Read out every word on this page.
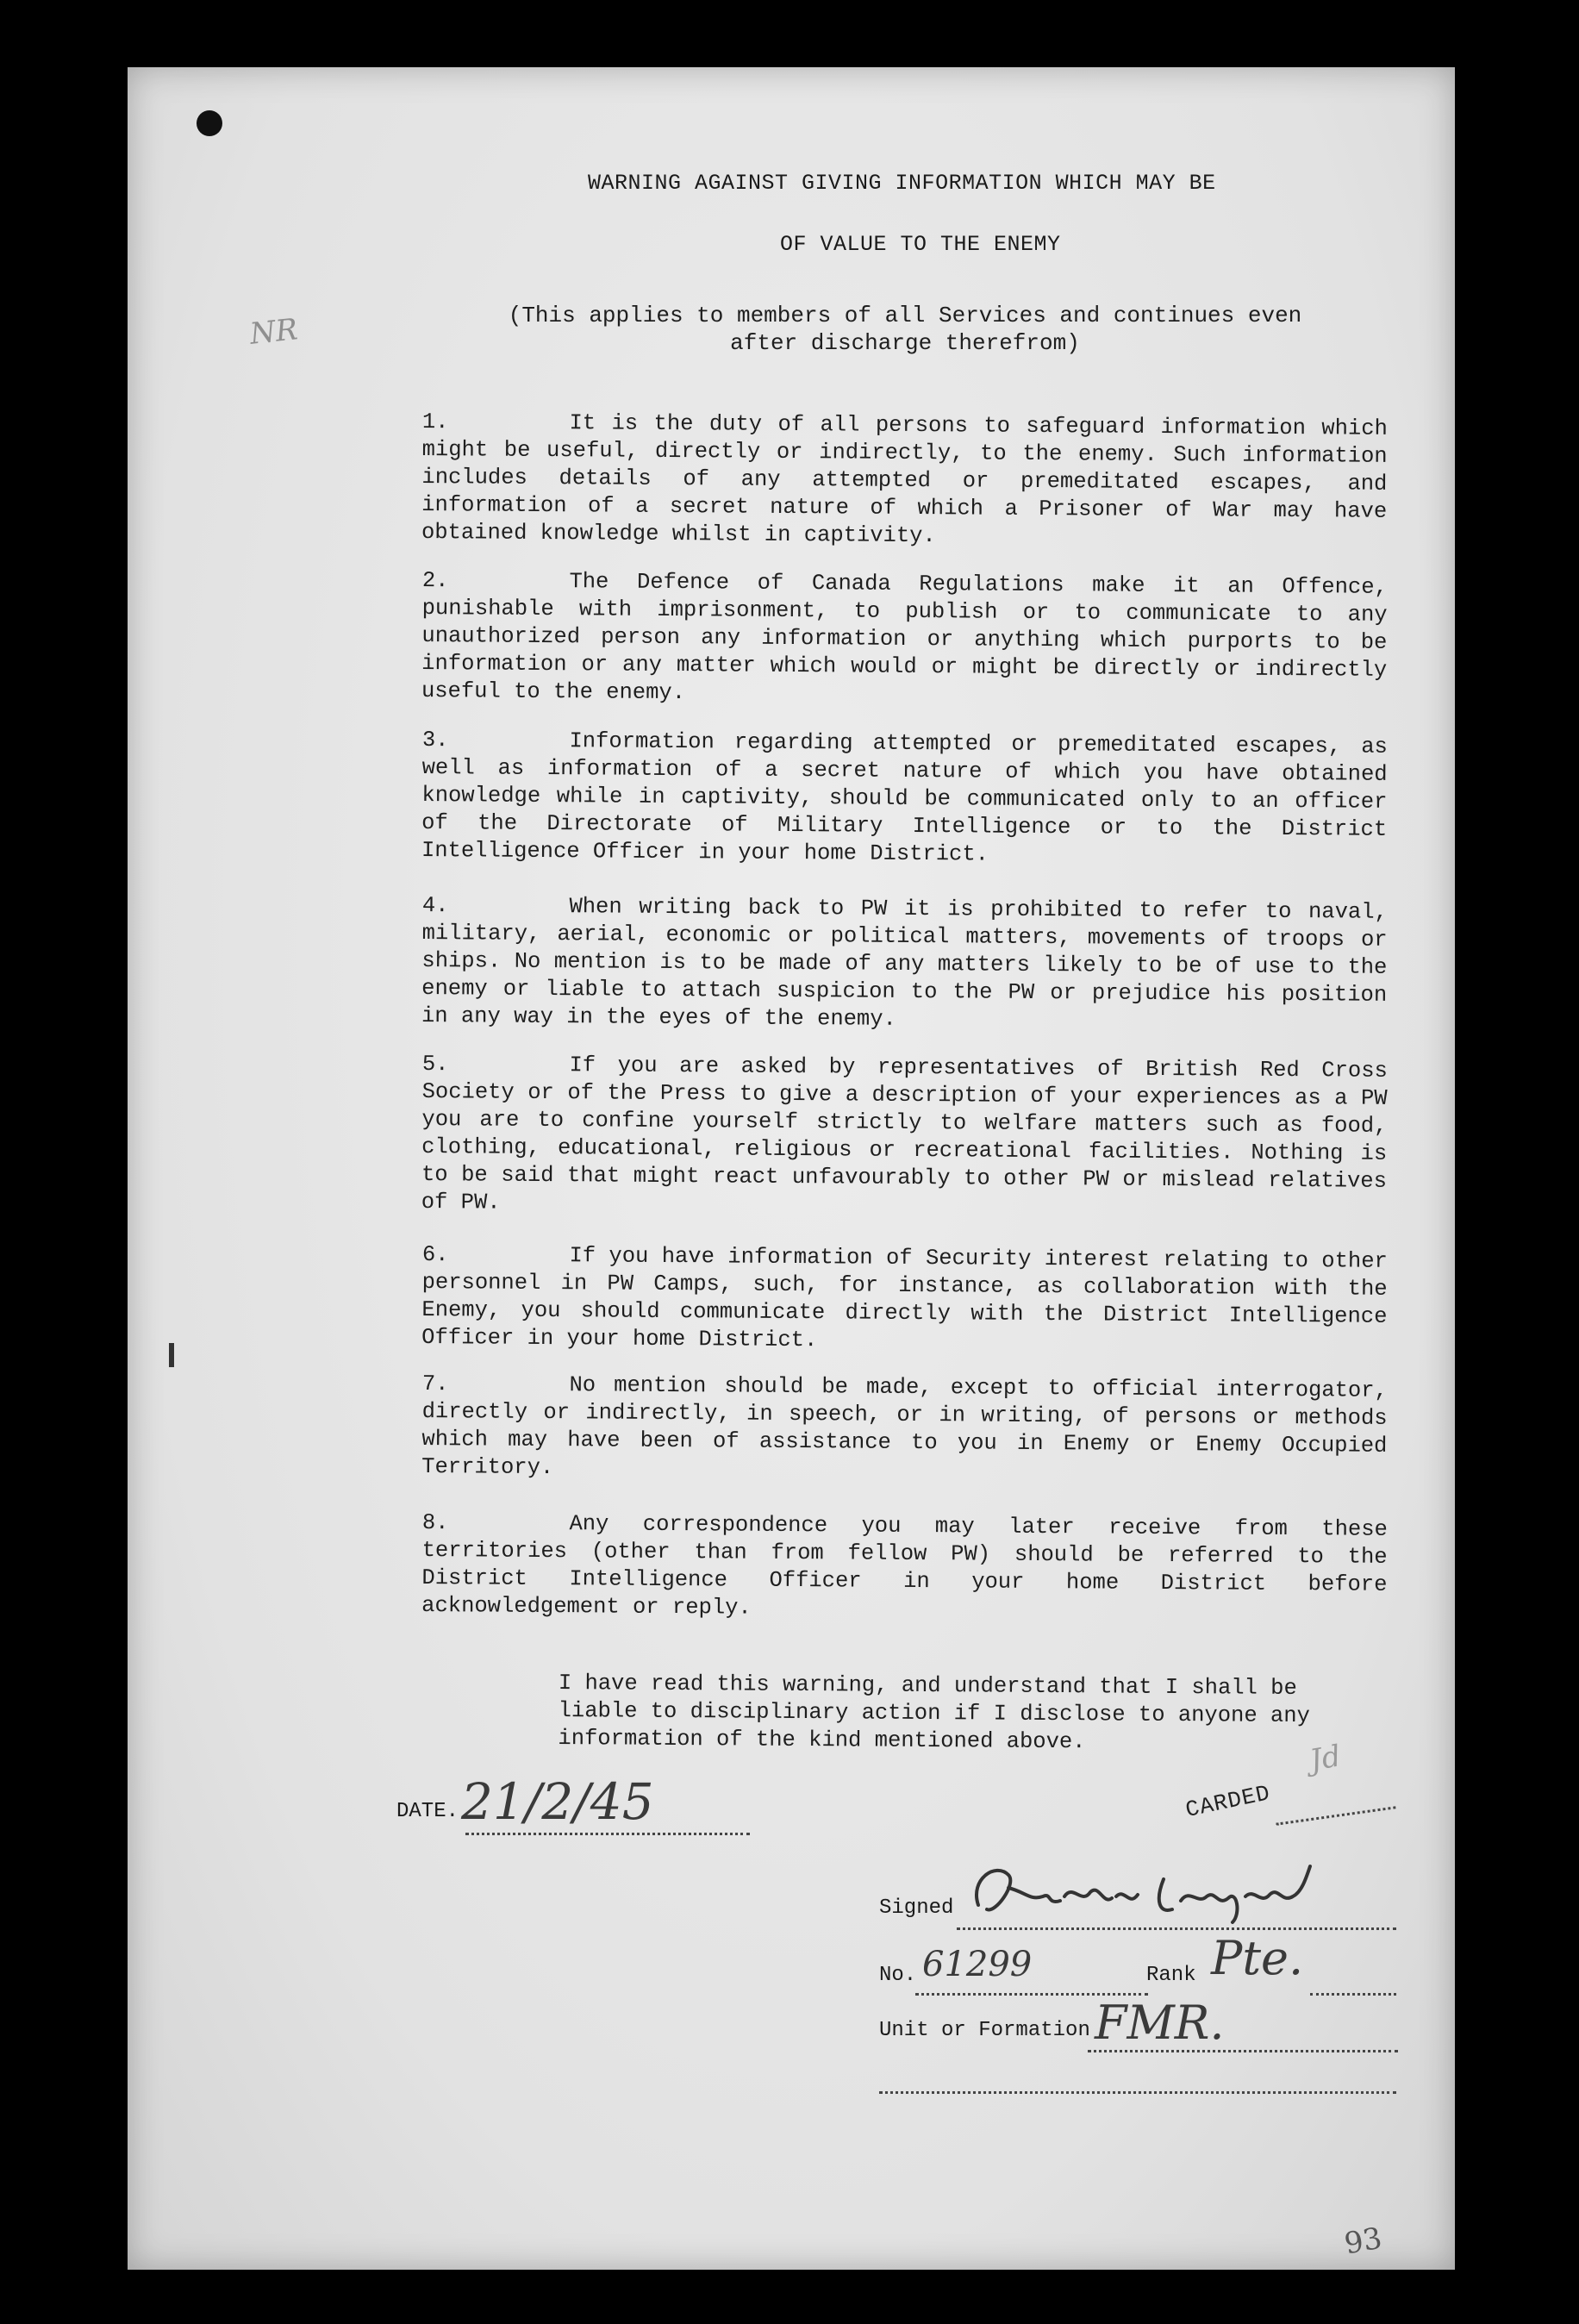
WARNING AGAINST GIVING INFORMATION WHICH MAY BE
OF VALUE TO THE ENEMY
NR	(This applies to members of all Services and continues even after discharge therefrom)
1.	It is the duty of all persons to safeguard information which might be useful, directly or indirectly, to the enemy. Such information includes details of any attempted or premeditated escapes, and information of a secret nature of which a Prisoner of War may have obtained knowledge whilst in captivity.
2.	The Defence of Canada Regulations make it an Offence, punishable with imprisonment, to publish or to communicate to any unauthorized person any information or anything which purports to be information or any matter which would or might be directly or indirectly useful to the enemy.
3.	Information regarding attempted or premeditated escapes, as well as information of a secret nature of which you have obtained knowledge while in captivity, should be communicated only to an officer of the Directorate of Military Intelligence or to the District Intelligence Officer in your home District.
4.	When writing back to PW it is prohibited to refer to naval, military, aerial, economic or political matters, movements of troops or ships. No mention is to be made of any matters likely to be of use to the enemy or liable to attach suspicion to the PW or prejudice his position in any way in the eyes of the enemy.
5.	If you are asked by representatives of British Red Cross Society or of the Press to give a description of your experiences as a PW you are to confine yourself strictly to welfare matters such as food, clothing, educational, religious or recreational facilities. Nothing is to be said that might react unfavourably to other PW or mislead relatives of PW.
6.	If you have information of Security interest relating to other personnel in PW Camps, such, for instance, as collaboration with the Enemy, you should communicate directly with the District Intelligence Officer in your home District.
7.	No mention should be made, except to official interrogator, directly or indirectly, in speech, or in writing, of persons or methods which may have been of assistance to you in Enemy or Enemy Occupied Territory.
8.	Any correspondence you may later receive from these territories (other than from fellow PW) should be referred to the District Intelligence Officer in your home District before acknowledgement or reply.
I have read this warning, and understand that I shall be liable to disciplinary action if I disclose to anyone any information of the kind mentioned above.
DATE. 21/2/45	CARDED
Jd
Signed
No. 61299	Rank Pte.
Unit or Formation FMR.
93
